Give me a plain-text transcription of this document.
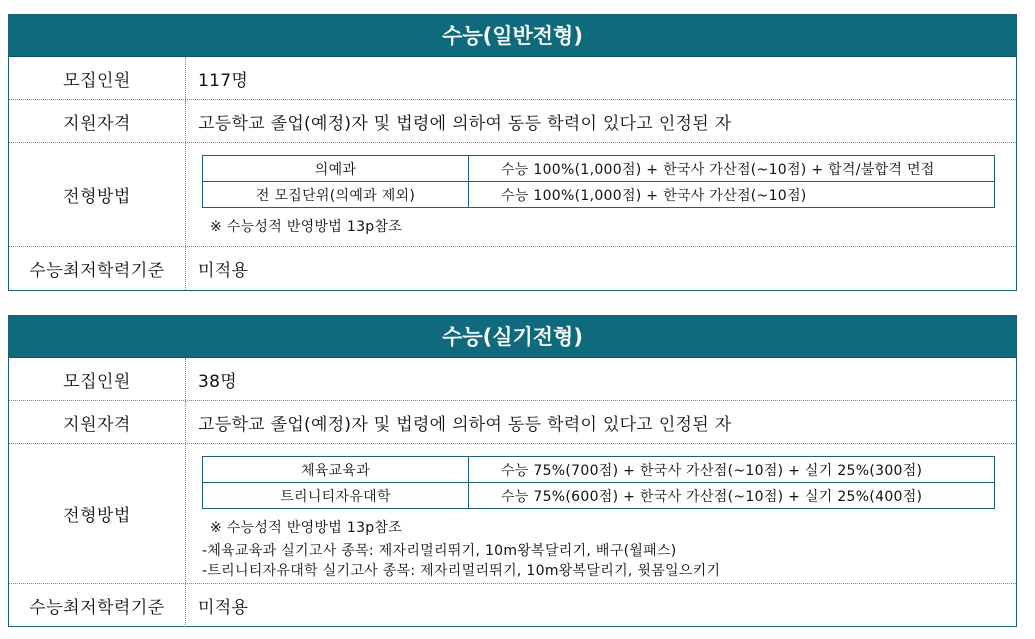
수능(일반전형)
모집인원	117명
지원자격	고등학교 졸업(예정)자 및 법령에 의하여 동등 학력이 있다고 인정된 자
전형방법
의예과	수능 100%(1,000점) + 한국사 가산점(~10점) + 합격/불합격 면접
전 모집단위(의예과 제외)	수능 100%(1,000점) + 한국사 가산점(~10점)
※ 수능성적 반영방법 13p참조
수능최저학력기준	미적용
수능(실기전형)
모집인원	38명
지원자격	고등학교 졸업(예정)자 및 법령에 의하여 동등 학력이 있다고 인정된 자
전형방법
체육교육과	수능 75%(700점) + 한국사 가산점(~10점) + 실기 25%(300점)
트리니티자유대학	수능 75%(600점) + 한국사 가산점(~10점) + 실기 25%(400점)
※ 수능성적 반영방법 13p참조
-체육교육과 실기고사 종목: 제자리멀리뛰기, 10m왕복달리기, 배구(월패스)
-트리니티자유대학 실기고사 종목: 제자리멀리뛰기, 10m왕복달리기, 윗몸일으키기
수능최저학력기준	미적용
